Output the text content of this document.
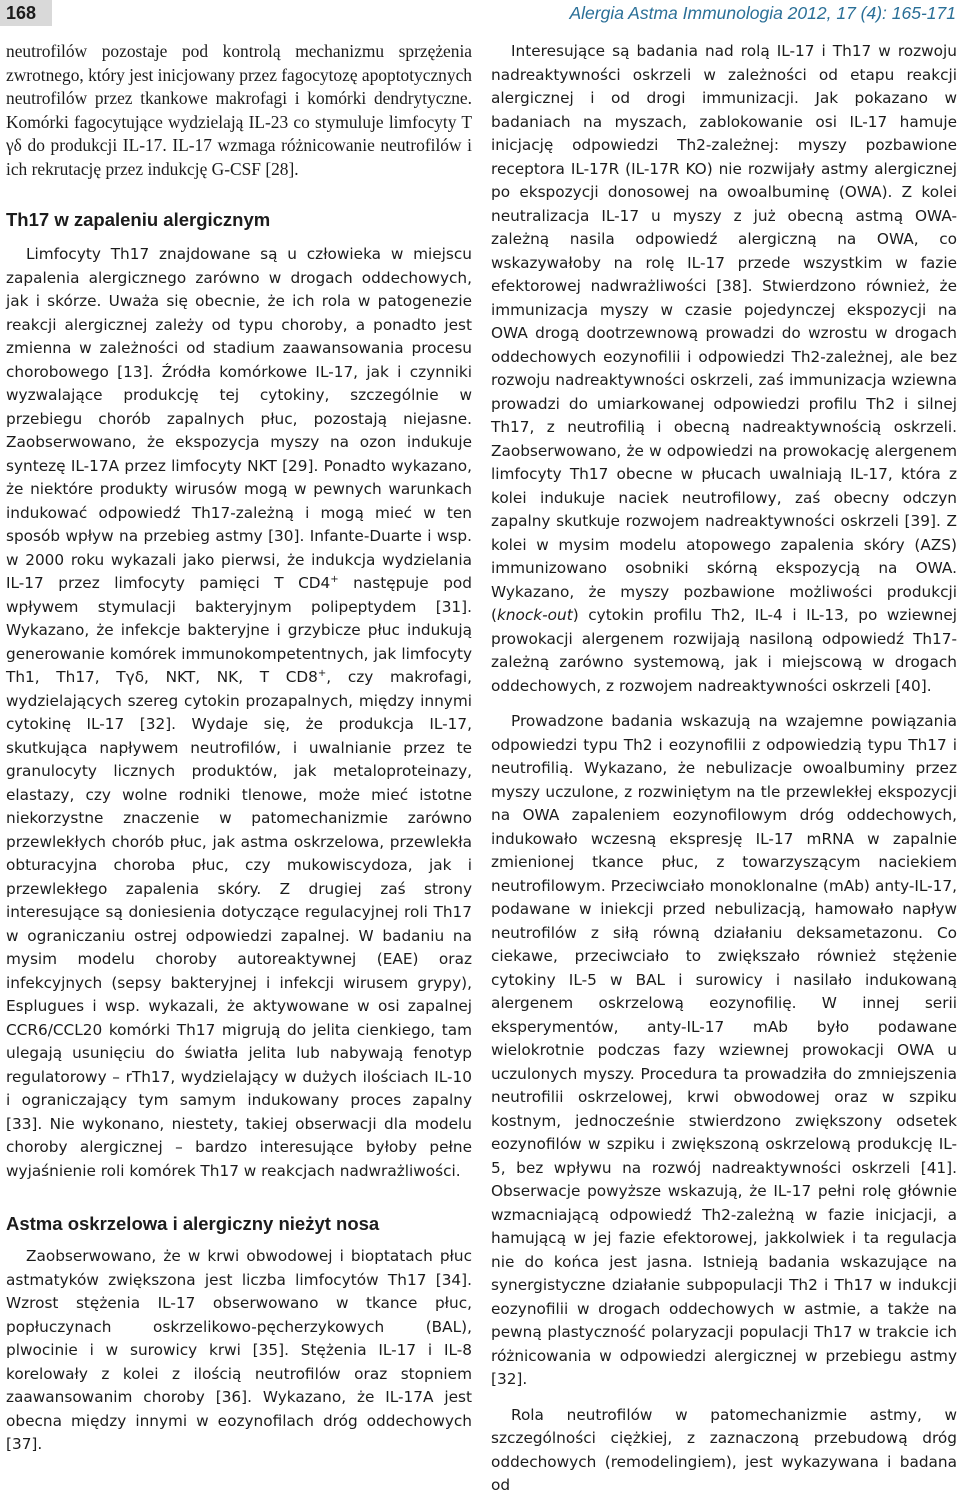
168	Alergia Astma Immunologia 2012, 17 (4): 165-171

neutrofilów pozostaje pod kontrolą mechanizmu sprzężenia zwrotnego, który jest inicjowany przez fagocytozę apoptotycznych neutrofilów przez tkankowe makrofagi i komórki dendrytyczne. Komórki fagocytujące wydzielają IL-23 co stymuluje limfocyty T γδ do produkcji IL-17. IL-17 wzmaga różnicowanie neutrofilów i ich rekrutację przez indukcję G-CSF [28].

Th17 w zapaleniu alergicznym

Limfocyty Th17 znajdowane są u człowieka w miejscu zapalenia alergicznego zarówno w drogach oddechowych, jak i skórze. Uważa się obecnie, że ich rola w patogenezie reakcji alergicznej zależy od typu choroby, a ponadto jest zmienna w zależności od stadium zaawansowania procesu chorobowego [13]. Źródła komórkowe IL-17, jak i czynniki wyzwalające produkcję tej cytokiny, szczególnie w przebiegu chorób zapalnych płuc, pozostają niejasne. Zaobserwowano, że ekspozycja myszy na ozon indukuje syntezę IL-17A przez limfocyty NKT [29]. Ponadto wykazano, że niektóre produkty wirusów mogą w pewnych warunkach indukować odpowiedź Th17-zależną i mogą mieć w ten sposób wpływ na przebieg astmy [30]. Infante-Duarte i wsp. w 2000 roku wykazali jako pierwsi, że indukcja wydzielania IL-17 przez limfocyty pamięci T CD4+ następuje pod wpływem stymulacji bakteryjnym polipeptydem [31]. Wykazano, że infekcje bakteryjne i grzybicze płuc indukują generowanie komórek immunokompetentnych, jak limfocyty Th1, Th17, Tγδ, NKT, NK, T CD8+, czy makrofagi, wydzielających szereg cytokin prozapalnych, między innymi cytokinę IL-17 [32]. Wydaje się, że produkcja IL-17, skutkująca napływem neutrofilów, i uwalnianie przez te granulocyty licznych produktów, jak metaloproteinazy, elastazy, czy wolne rodniki tlenowe, może mieć istotne niekorzystne znaczenie w patomechanizmie zarówno przewlekłych chorób płuc, jak astma oskrzelowa, przewlekła obturacyjna choroba płuc, czy mukowiscydoza, jak i przewlekłego zapalenia skóry. Z drugiej zaś strony interesujące są doniesienia dotyczące regulacyjnej roli Th17 w ograniczaniu ostrej odpowiedzi zapalnej. W badaniu na mysim modelu choroby autoreaktywnej (EAE) oraz infekcyjnych (sepsy bakteryjnej i infekcji wirusem grypy), Esplugues i wsp. wykazali, że aktywowane w osi zapalnej CCR6/CCL20 komórki Th17 migrują do jelita cienkiego, tam ulegają usunięciu do światła jelita lub nabywają fenotyp regulatorowy – rTh17, wydzielający w dużych ilościach IL-10 i ograniczający tym samym indukowany proces zapalny [33]. Nie wykonano, niestety, takiej obserwacji dla modelu choroby alergicznej – bardzo interesujące byłoby pełne wyjaśnienie roli komórek Th17 w reakcjach nadwrażliwości.

Astma oskrzelowa i alergiczny nieżyt nosa

Zaobserwowano, że w krwi obwodowej i bioptatach płuc astmatyków zwiększona jest liczba limfocytów Th17 [34]. Wzrost stężenia IL-17 obserwowano w tkance płuc, popłuczynach oskrzelikowo-pęcherzykowych (BAL), plwocinie i w surowicy krwi [35]. Stężenia IL-17 i IL-8 korelowały z kolei z ilością neutrofilów oraz stopniem zaawansowanim choroby [36]. Wykazano, że IL-17A jest obecna między innymi w eozynofilach dróg oddechowych [37].

Interesujące są badania nad rolą IL-17 i Th17 w rozwoju nadreaktywności oskrzeli w zależności od etapu reakcji alergicznej i od drogi immunizacji. Jak pokazano w badaniach na myszach, zablokowanie osi IL-17 hamuje inicjację odpowiedzi Th2-zależnej: myszy pozbawione receptora IL-17R (IL-17R KO) nie rozwijały astmy alergicznej po ekspozycji donosowej na owoalbuminę (OWA). Z kolei neutralizacja IL-17 u myszy z już obecną astmą OWA-zależną nasila odpowiedź alergiczną na OWA, co wskazywałoby na rolę IL-17 przede wszystkim w fazie efektorowej nadwrażliwości [38]. Stwierdzono również, że immunizacja myszy w czasie pojedynczej ekspozycji na OWA drogą dootrzewnową prowadzi do wzrostu w drogach oddechowych eozynofilii i odpowiedzi Th2-zależnej, ale bez rozwoju nadreaktywności oskrzeli, zaś immunizacja wziewna prowadzi do umiarkowanej odpowiedzi profilu Th2 i silnej Th17, z neutrofilią i obecną nadreaktywnością oskrzeli. Zaobserwowano, że w odpowiedzi na prowokację alergenem limfocyty Th17 obecne w płucach uwalniają IL-17, która z kolei indukuje naciek neutrofilowy, zaś obecny odczyn zapalny skutkuje rozwojem nadreaktywności oskrzeli [39]. Z kolei w mysim modelu atopowego zapalenia skóry (AZS) immunizowano osobniki skórną ekspozycją na OWA. Wykazano, że myszy pozbawione możliwości produkcji (knock-out) cytokin profilu Th2, IL-4 i IL-13, po wziewnej prowokacji alergenem rozwijają nasiloną odpowiedź Th17-zależną zarówno systemową, jak i miejscową w drogach oddechowych, z rozwojem nadreaktywności oskrzeli [40].

Prowadzone badania wskazują na wzajemne powiązania odpowiedzi typu Th2 i eozynofilii z odpowiedzią typu Th17 i neutrofilią. Wykazano, że nebulizacje owoalbuminy przez myszy uczulone, z rozwiniętym na tle przewlekłej ekspozycji na OWA zapaleniem eozynofilowym dróg oddechowych, indukowało wczesną ekspresję IL-17 mRNA w zapalnie zmienionej tkance płuc, z towarzyszącym naciekiem neutrofilowym. Przeciwciało monoklonalne (mAb) anty-IL-17, podawane w iniekcji przed nebulizacją, hamowało napływ neutrofilów z siłą równą działaniu deksametazonu. Co ciekawe, przeciwciało to zwiększało również stężenie cytokiny IL-5 w BAL i surowicy i nasilało indukowaną alergenem oskrzelową eozynofilię. W innej serii eksperymentów, anty-IL-17 mAb było podawane wielokrotnie podczas fazy wziewnej prowokacji OWA u uczulonych myszy. Procedura ta prowadziła do zmniejszenia neutrofilii oskrzelowej, krwi obwodowej oraz w szpiku kostnym, jednocześnie stwierdzono zwiększony odsetek eozynofilów w szpiku i zwiększoną oskrzelową produkcję IL-5, bez wpływu na rozwój nadreaktywności oskrzeli [41]. Obserwacje powyższe wskazują, że IL-17 pełni rolę głównie wzmacniającą odpowiedź Th2-zależną w fazie inicjacji, a hamującą w jej fazie efektorowej, jakkolwiek i ta regulacja nie do końca jest jasna. Istnieją badania wskazujące na synergistyczne działanie subpopulacji Th2 i Th17 w indukcji eozynofilii w drogach oddechowych w astmie, a także na pewną plastyczność polaryzacji populacji Th17 w trakcie ich różnicowania w odpowiedzi alergicznej w przebiegu astmy [32].

Rola neutrofilów w patomechanizmie astmy, w szczególności ciężkiej, z zaznaczoną przebudową dróg oddechowych (remodelingiem), jest wykazywana i badana od
